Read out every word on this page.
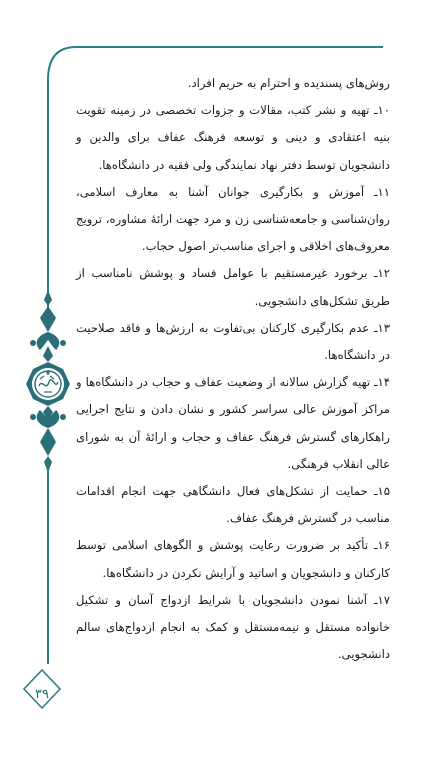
۳۹

روش‌های پسندیده و احترام به حریم افراد.

۱۰ـ تهیه و نشر کتب، مقالات و جزوات تخصصی در زمینه تقویت بنیه اعتقادی و دینی و توسعه فرهنگ عفاف برای والدین و دانشجویان توسط دفتر نهاد نمایندگی ولی فقیه در دانشگاه‌ها.

۱۱ـ آموزش و بکارگیری جوانان آشنا به معارف اسلامی، روان‌شناسی و جامعه‌شناسی زن و مرد جهت ارائهٔ مشاوره، ترویج معروف‌های اخلاقی و اجرای مناسب‌تر اصول حجاب.

۱۲ـ برخورد غیرمستقیم با عوامل فساد و پوشش نامناسب از طریق تشکل‌های دانشجویی.

۱۳ـ عدم بکارگیری کارکنان بی‌تفاوت به ارزش‌ها و فاقد صلاحیت در دانشگاه‌ها.

۱۴ـ تهیه گزارش سالانه از وضعیت عفاف و حجاب در دانشگاه‌ها و مراکز آموزش عالی سراسر کشور و نشان دادن و نتایج اجرایی راهکارهای گسترش فرهنگ عفاف و حجاب و ارائهٔ آن به شورای عالی انقلاب فرهنگی.

۱۵ـ حمایت از تشکل‌های فعال دانشگاهی جهت انجام اقدامات مناسب در گسترش فرهنگ عفاف.

۱۶ـ تأکید بر ضرورت رعایت پوشش و الگوهای اسلامی توسط کارکنان و دانشجویان و اساتید و آرایش نکردن در دانشگاه‌ها.

۱۷ـ آشنا نمودن دانشجویان با شرایط ازدواج آسان و تشکیل خانواده مستقل و نیمه‌مستقل و کمک به انجام ازدواج‌های سالم دانشجویی.
